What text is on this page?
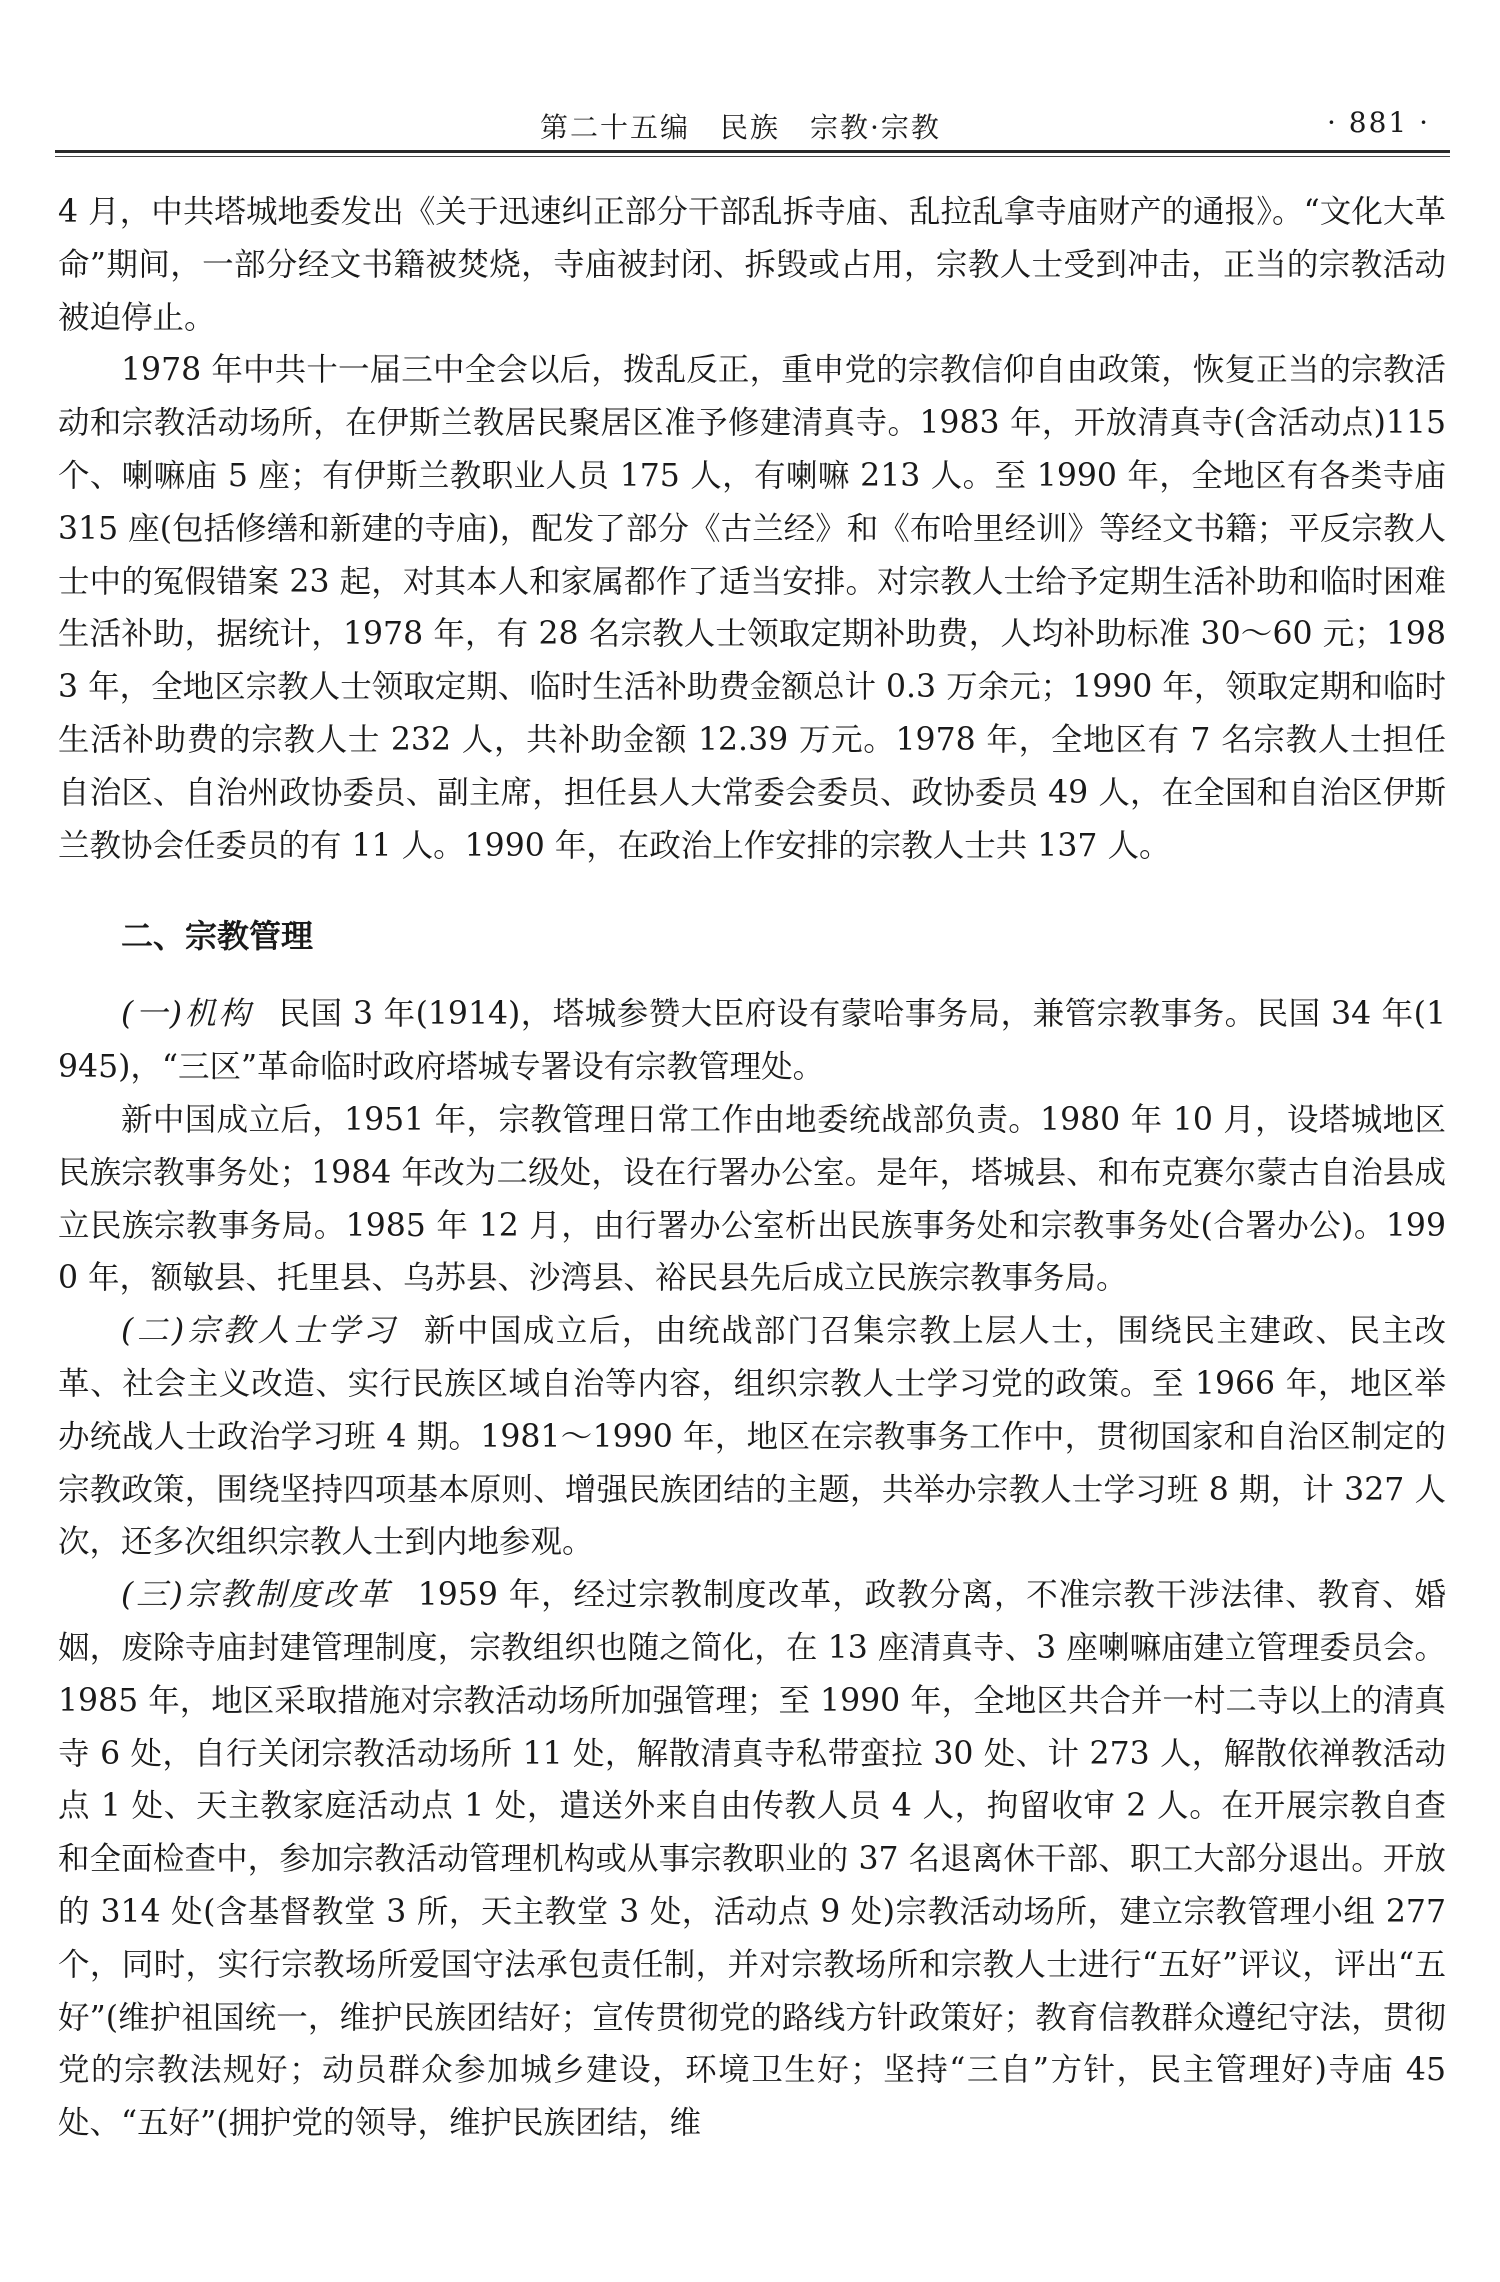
第二十五编　民族　宗教·宗教	· 881 ·

4 月，中共塔城地委发出《关于迅速纠正部分干部乱拆寺庙、乱拉乱拿寺庙财产的通报》。“文化大革命”期间，一部分经文书籍被焚烧，寺庙被封闭、拆毁或占用，宗教人士受到冲击，正当的宗教活动被迫停止。

1978 年中共十一届三中全会以后，拨乱反正，重申党的宗教信仰自由政策，恢复正当的宗教活动和宗教活动场所，在伊斯兰教居民聚居区准予修建清真寺。1983 年，开放清真寺(含活动点)115 个、喇嘛庙 5 座；有伊斯兰教职业人员 175 人，有喇嘛 213 人。至 1990 年，全地区有各类寺庙 315 座(包括修缮和新建的寺庙)，配发了部分《古兰经》和《布哈里经训》等经文书籍；平反宗教人士中的冤假错案 23 起，对其本人和家属都作了适当安排。对宗教人士给予定期生活补助和临时困难生活补助，据统计，1978 年，有 28 名宗教人士领取定期补助费，人均补助标准 30～60 元；1983 年，全地区宗教人士领取定期、临时生活补助费金额总计 0.3 万余元；1990 年，领取定期和临时生活补助费的宗教人士 232 人，共补助金额 12.39 万元。1978 年，全地区有 7 名宗教人士担任自治区、自治州政协委员、副主席，担任县人大常委会委员、政协委员 49 人，在全国和自治区伊斯兰教协会任委员的有 11 人。1990 年，在政治上作安排的宗教人士共 137 人。

二、宗教管理

(一)机构 民国 3 年(1914)，塔城参赞大臣府设有蒙哈事务局，兼管宗教事务。民国 34 年(1945)，“三区”革命临时政府塔城专署设有宗教管理处。

新中国成立后，1951 年，宗教管理日常工作由地委统战部负责。1980 年 10 月，设塔城地区民族宗教事务处；1984 年改为二级处，设在行署办公室。是年，塔城县、和布克赛尔蒙古自治县成立民族宗教事务局。1985 年 12 月，由行署办公室析出民族事务处和宗教事务处(合署办公)。1990 年，额敏县、托里县、乌苏县、沙湾县、裕民县先后成立民族宗教事务局。

(二)宗教人士学习 新中国成立后，由统战部门召集宗教上层人士，围绕民主建政、民主改革、社会主义改造、实行民族区域自治等内容，组织宗教人士学习党的政策。至 1966 年，地区举办统战人士政治学习班 4 期。1981～1990 年，地区在宗教事务工作中，贯彻国家和自治区制定的宗教政策，围绕坚持四项基本原则、增强民族团结的主题，共举办宗教人士学习班 8 期，计 327 人次，还多次组织宗教人士到内地参观。

(三)宗教制度改革 1959 年，经过宗教制度改革，政教分离，不准宗教干涉法律、教育、婚姻，废除寺庙封建管理制度，宗教组织也随之简化，在 13 座清真寺、3 座喇嘛庙建立管理委员会。1985 年，地区采取措施对宗教活动场所加强管理；至 1990 年，全地区共合并一村二寺以上的清真寺 6 处，自行关闭宗教活动场所 11 处，解散清真寺私带蛮拉 30 处、计 273 人，解散依禅教活动点 1 处、天主教家庭活动点 1 处，遣送外来自由传教人员 4 人，拘留收审 2 人。在开展宗教自查和全面检查中，参加宗教活动管理机构或从事宗教职业的 37 名退离休干部、职工大部分退出。开放的 314 处(含基督教堂 3 所，天主教堂 3 处，活动点 9 处)宗教活动场所，建立宗教管理小组 277 个，同时，实行宗教场所爱国守法承包责任制，并对宗教场所和宗教人士进行“五好”评议，评出“五好”(维护祖国统一，维护民族团结好；宣传贯彻党的路线方针政策好；教育信教群众遵纪守法，贯彻党的宗教法规好；动员群众参加城乡建设，环境卫生好；坚持“三自”方针，民主管理好)寺庙 45 处、“五好”(拥护党的领导，维护民族团结，维
